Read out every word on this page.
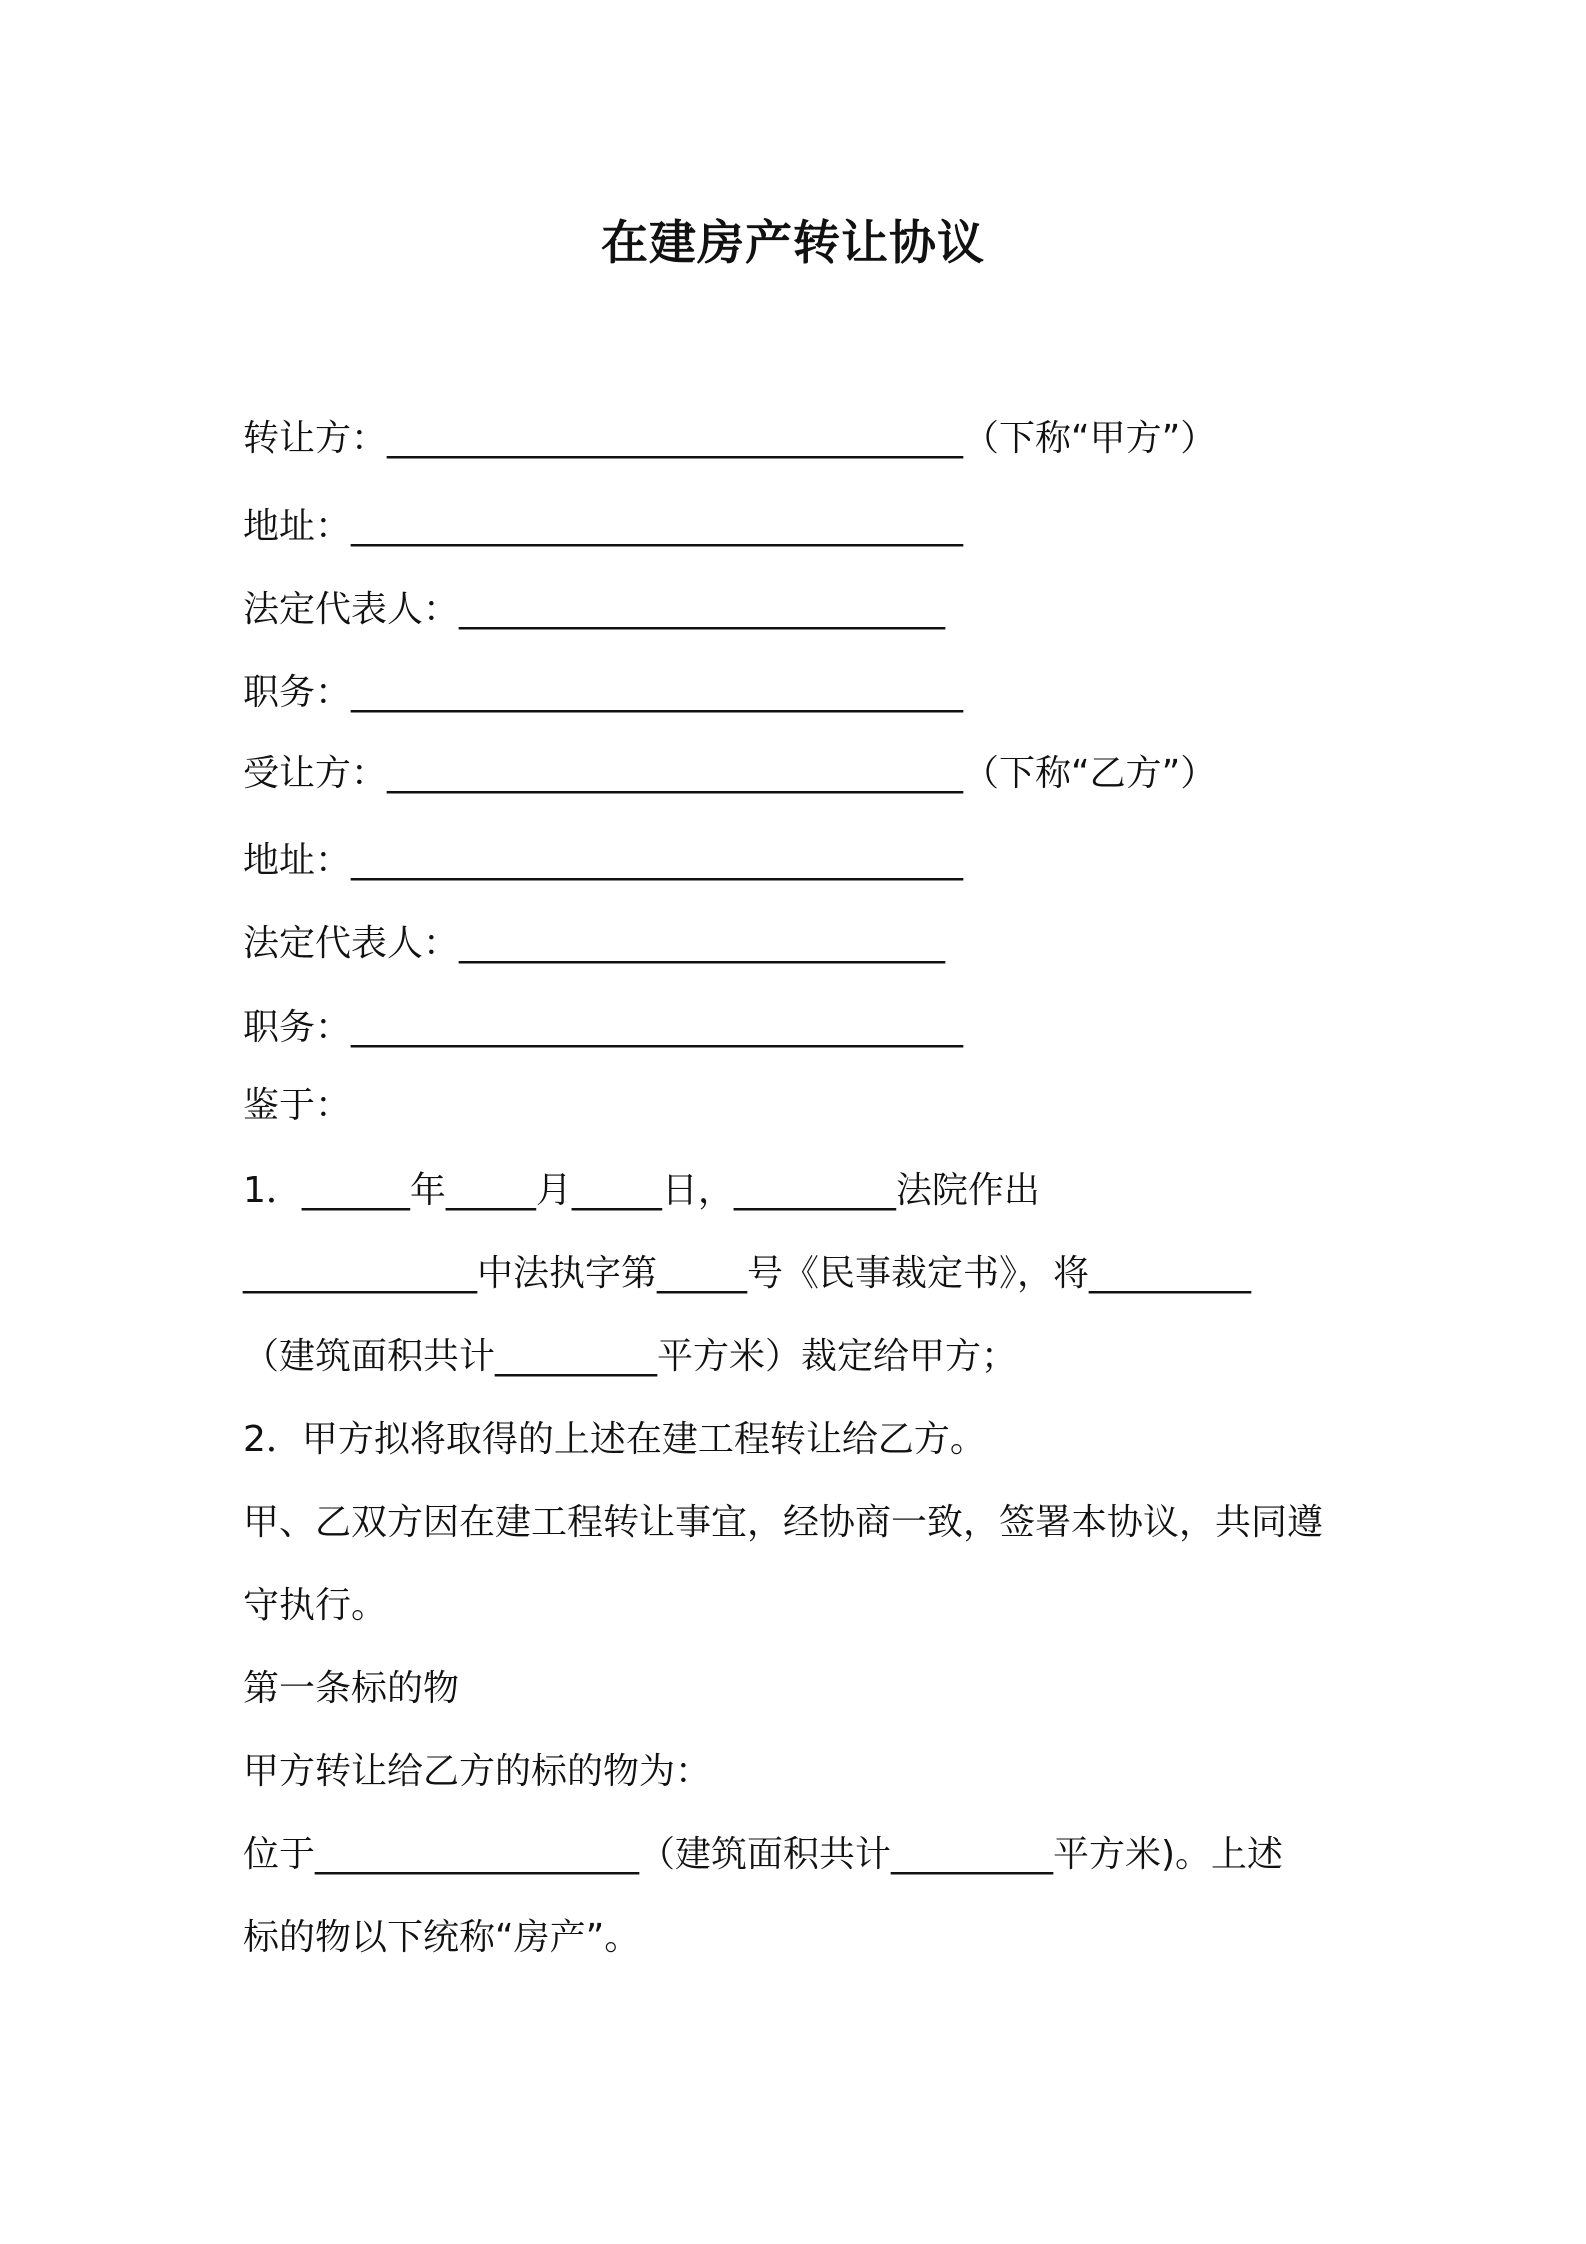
在建房产转让协议
转让方：________________________________（下称“甲方”）
地址：__________________________________
法定代表人：___________________________
职务：__________________________________
受让方：________________________________（下称“乙方”）
地址：__________________________________
法定代表人：___________________________
职务：__________________________________
鉴于：
1．______年_____月_____日，_________法院作出
_____________中法执字第_____号《民事裁定书》，将_________
（建筑面积共计_________平方米）裁定给甲方；
2．甲方拟将取得的上述在建工程转让给乙方。
甲、乙双方因在建工程转让事宜，经协商一致，签署本协议，共同遵
守执行。
第一条标的物
甲方转让给乙方的标的物为：
位于__________________（建筑面积共计_________平方米)。上述
标的物以下统称“房产”。
